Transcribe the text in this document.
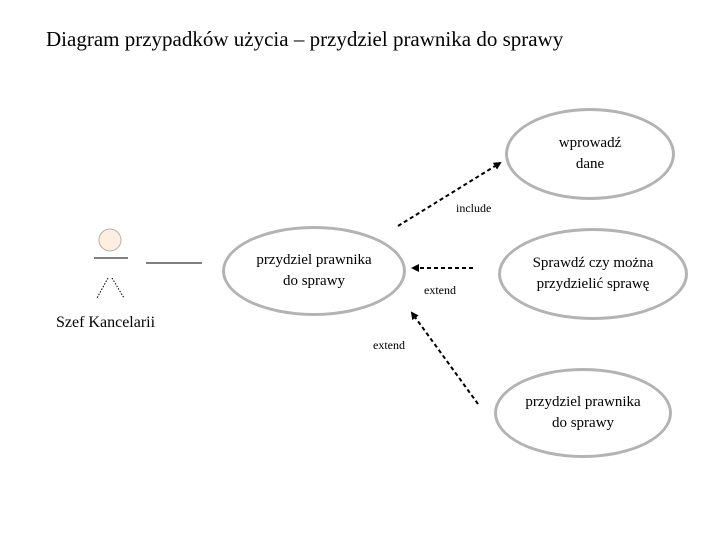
Diagram przypadków użycia – przydziel prawnika do sprawy
Szef Kancelarii
przydziel prawnika
do sprawy
wprowadź
dane
Sprawdź czy można
przydzielić sprawę
przydziel prawnika
do sprawy
include
extend
extend
